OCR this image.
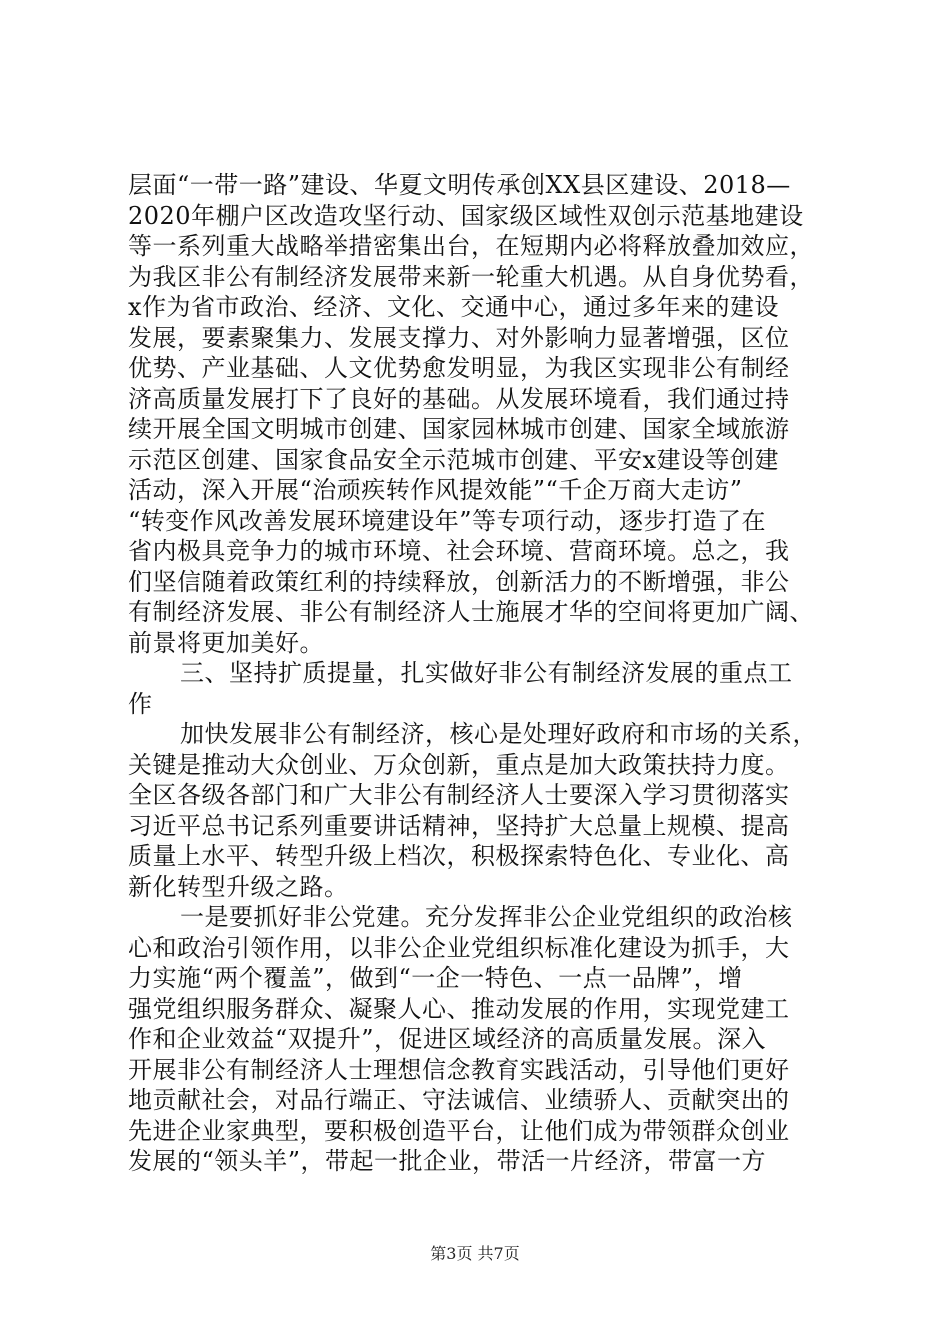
层面“一带一路”建设、华夏文明传承创XX县区建设、2018—
2020年棚户区改造攻坚行动、国家级区域性双创示范基地建设
等一系列重大战略举措密集出台，在短期内必将释放叠加效应，
为我区非公有制经济发展带来新一轮重大机遇。从自身优势看，
x作为省市政治、经济、文化、交通中心，通过多年来的建设
发展，要素聚集力、发展支撑力、对外影响力显著增强，区位
优势、产业基础、人文优势愈发明显，为我区实现非公有制经
济高质量发展打下了良好的基础。从发展环境看，我们通过持
续开展全国文明城市创建、国家园林城市创建、国家全域旅游
示范区创建、国家食品安全示范城市创建、平安x建设等创建
活动，深入开展“治顽疾转作风提效能”“千企万商大走访”
“转变作风改善发展环境建设年”等专项行动，逐步打造了在
省内极具竞争力的城市环境、社会环境、营商环境。总之，我
们坚信随着政策红利的持续释放，创新活力的不断增强，非公
有制经济发展、非公有制经济人士施展才华的空间将更加广阔、
前景将更加美好。
三、坚持扩质提量，扎实做好非公有制经济发展的重点工
作
加快发展非公有制经济，核心是处理好政府和市场的关系，
关键是推动大众创业、万众创新，重点是加大政策扶持力度。
全区各级各部门和广大非公有制经济人士要深入学习贯彻落实
习近平总书记系列重要讲话精神，坚持扩大总量上规模、提高
质量上水平、转型升级上档次，积极探索特色化、专业化、高
新化转型升级之路。
一是要抓好非公党建。充分发挥非公企业党组织的政治核
心和政治引领作用，以非公企业党组织标准化建设为抓手，大
力实施“两个覆盖”，做到“一企一特色、一点一品牌”，增
强党组织服务群众、凝聚人心、推动发展的作用，实现党建工
作和企业效益“双提升”，促进区域经济的高质量发展。深入
开展非公有制经济人士理想信念教育实践活动，引导他们更好
地贡献社会，对品行端正、守法诚信、业绩骄人、贡献突出的
先进企业家典型，要积极创造平台，让他们成为带领群众创业
发展的“领头羊”，带起一批企业，带活一片经济，带富一方
第3页 共7页
